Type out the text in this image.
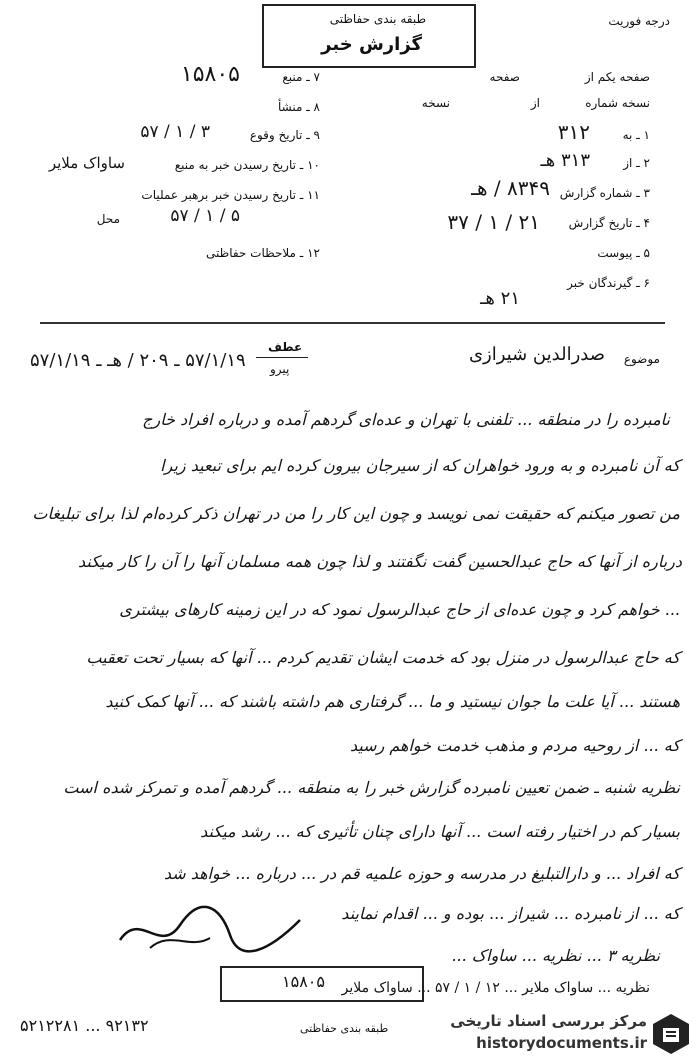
طبقه بندی حفاظتی
گزارش خبر
درجه فوریت
۷ ـ منبع
۱۵۸۰۵
۸ ـ منشأ
۹ ـ تاریخ وقوع
۳ / ۱ / ۵۷
۱۰ ـ تاریخ رسیدن خبر به منبع
ساواک ملایر
۱۱ ـ تاریخ رسیدن خبر برهبر عملیات
محل	۵ / ۱ / ۵۷
۱۲ ـ ملاحظات حفاظتی
صفحه یکم از
صفحه
نسخه شماره
از
نسخه
۱ ـ به
۳۱۲
۲ ـ از
۳۱۳ هـ
۳ ـ شماره گزارش
۸۳۴۹ / هـ
۴ ـ تاریخ گزارش
۲۱ / ۱ / ۳۷
۵ ـ پیوست
۶ ـ گیرندگان خبر
۲۱ هـ
موضوع
صدرالدین شیرازی
عطف
پیرو
۵۷/۱/۱۹ ـ ۲۰۹ / هـ ـ ۵۷/۱/۱۹
نامبرده را در منطقه ... تلفنی با تهران و عده‌ای گردهم آمده و درباره افراد خارج
که آن نامبرده و به ورود خواهران که از سیرجان بیرون کرده ایم برای تبعید زیرا
من تصور میکنم که حقیقت نمی نویسد و چون این کار را من در تهران ذکر کرده‌ام لذا برای تبلیغات
درباره از آنها که حاج عبدالحسین گفت نگفتند و لذا چون همه مسلمان آنها را آن را کار میکند
... خواهم کرد و چون عده‌ای از حاج عبدالرسول نمود که در این زمینه کارهای بیشتری
که حاج عبدالرسول در منزل بود که خدمت ایشان تقدیم کردم ... آنها که بسیار تحت تعقیب
هستند ... آیا علت ما جوان نیستید و ما ... گرفتاری هم داشته باشند که ... آنها کمک کنید
که ... از روحیه مردم و مذهب خدمت خواهم رسید
نظریه شنبه ـ ضمن تعیین نامبرده گزارش خبر را به منطقه ... گردهم آمده و تمرکز شده است
بسیار کم در اختیار رفته است ... آنها دارای چنان تأثیری که ... رشد میکند
که افراد ... و دارالتبلیغ در مدرسه و حوزه علمیه قم در ... درباره ... خواهد شد
که ... از نامبرده ... شیراز ... بوده و ... اقدام نمایند
نظریه ۳ ... نظریه ... ساواک ...
نظریه ... ساواک ملایر ... ۱۲ / ۱ / ۵۷ ... ساواک ملایر
۱۵۸۰۵
طبقه بندی حفاظتی
۹۲۱۳۲ ... ۵۲۱۲۲۸۱	مرکز بررسی اسناد تاریخی
historydocuments.ir
